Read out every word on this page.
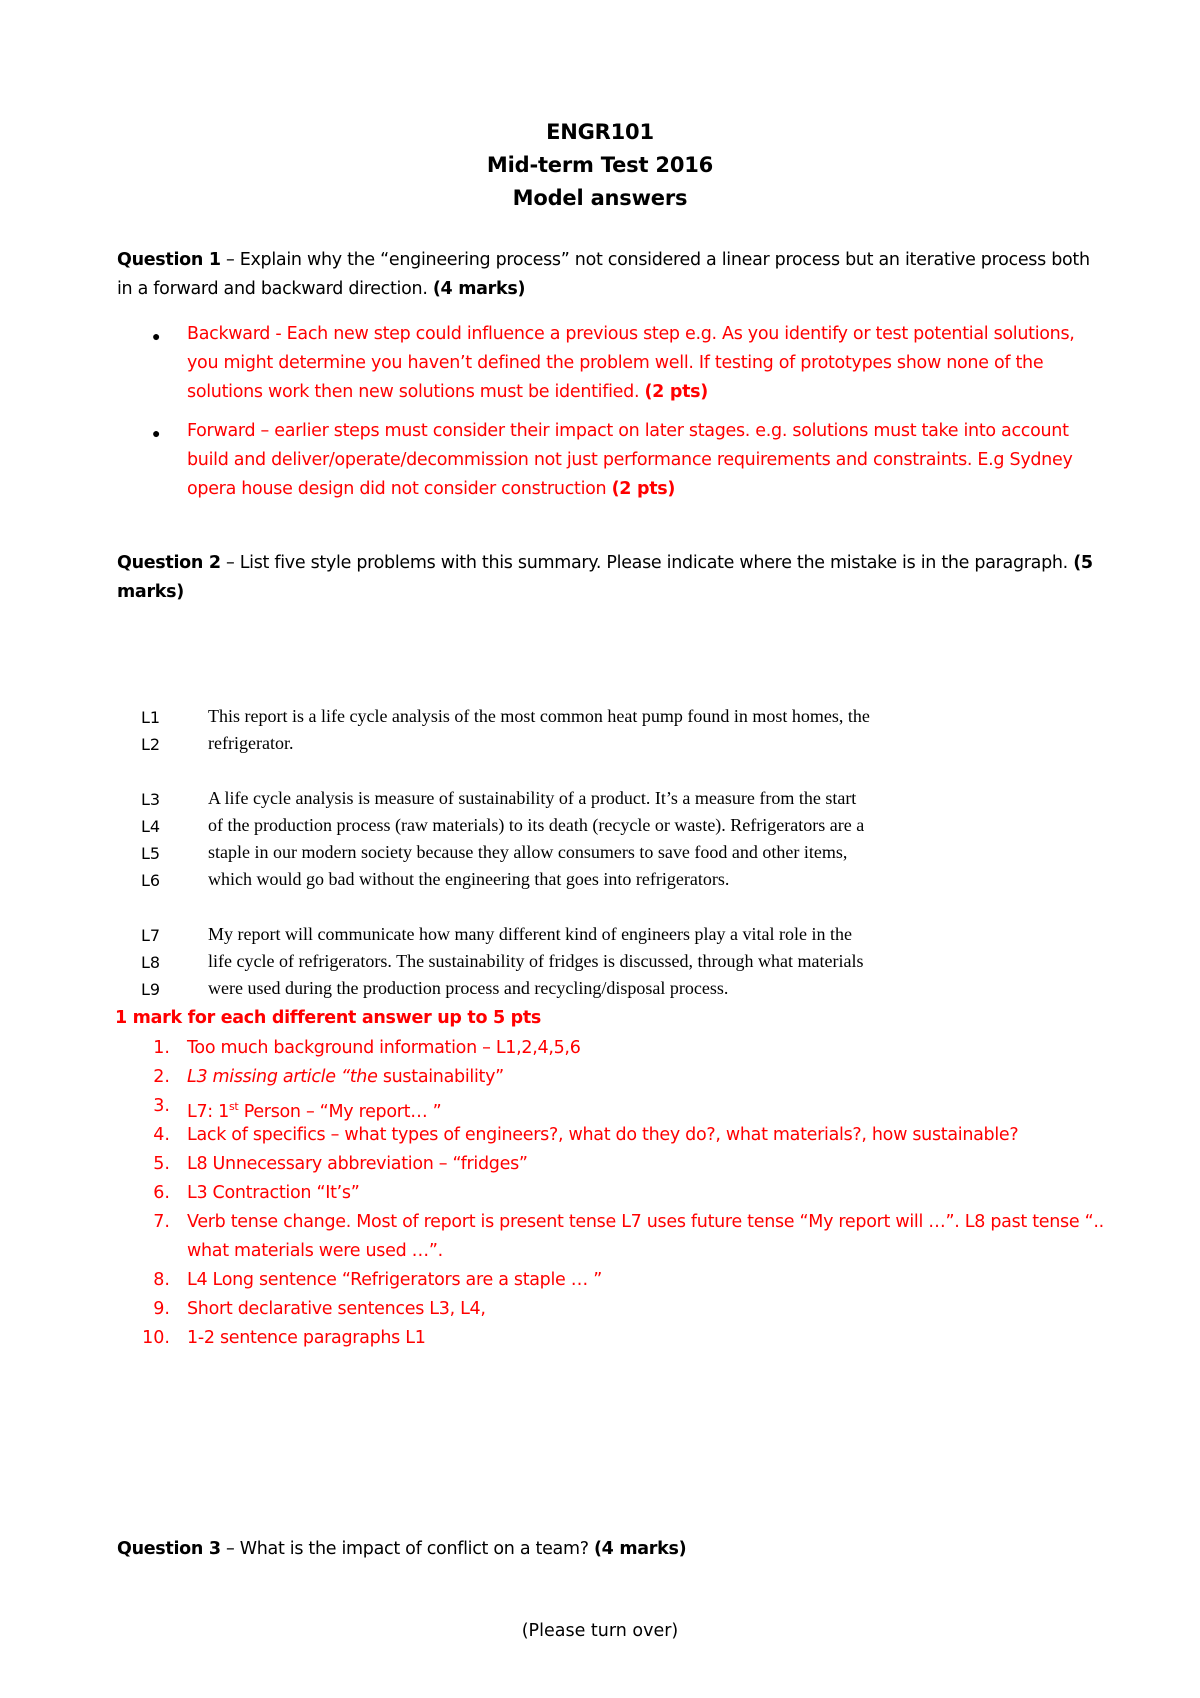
ENGR101
Mid-term Test 2016
Model answers
Question 1 – Explain why the “engineering process” not considered a linear process but an iterative process both in a forward and backward direction. (4 marks)
● Backward - Each new step could influence a previous step e.g. As you identify or test potential solutions, you might determine you haven’t defined the problem well. If testing of prototypes show none of the solutions work then new solutions must be identified. (2 pts)
● Forward – earlier steps must consider their impact on later stages. e.g. solutions must take into account build and deliver/operate/decommission not just performance requirements and constraints. E.g Sydney opera house design did not consider construction (2 pts)
Question 2 – List five style problems with this summary. Please indicate where the mistake is in the paragraph. (5 marks)
L1	This report is a life cycle analysis of the most common heat pump found in most homes, the
L2	refrigerator.
L3	A life cycle analysis is measure of sustainability of a product. It’s a measure from the start
L4	of the production process (raw materials) to its death (recycle or waste). Refrigerators are a
L5	staple in our modern society because they allow consumers to save food and other items,
L6	which would go bad without the engineering that goes into refrigerators.
L7	My report will communicate how many different kind of engineers play a vital role in the
L8	life cycle of refrigerators. The sustainability of fridges is discussed, through what materials
L9	were used during the production process and recycling/disposal process.
1 mark for each different answer up to 5 pts
1. Too much background information – L1,2,4,5,6
2. L3 missing article “the sustainability”
3. L7: 1st Person – “My report… ”
4. Lack of specifics – what types of engineers?, what do they do?, what materials?, how sustainable?
5. L8 Unnecessary abbreviation – “fridges”
6. L3 Contraction “It’s”
7. Verb tense change. Most of report is present tense L7 uses future tense “My report will …”. L8 past tense “.. what materials were used …”.
8. L4 Long sentence “Refrigerators are a staple … ”
9. Short declarative sentences L3, L4,
10. 1-2 sentence paragraphs L1
Question 3 – What is the impact of conflict on a team? (4 marks)
(Please turn over)
